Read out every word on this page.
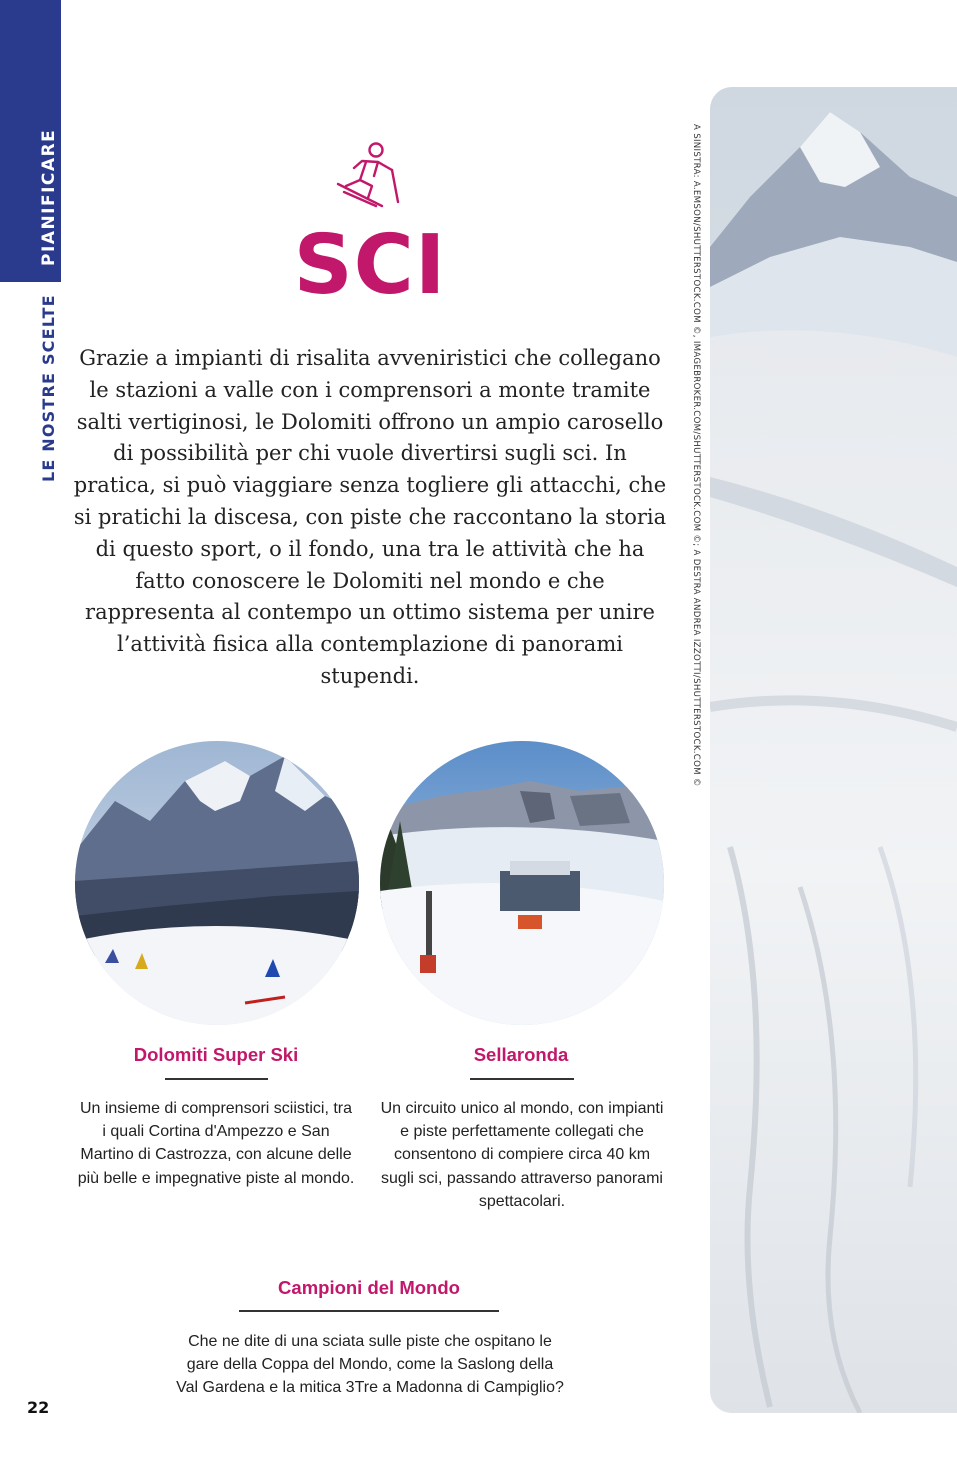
PIANIFICARE
LE NOSTRE SCELTE
SCI

Grazie a impianti di risalita avveniristici che collegano le stazioni a valle con i comprensori a monte tramite salti vertiginosi, le Dolomiti offrono un ampio carosello di possibilità per chi vuole divertirsi sugli sci. In pratica, si può viaggiare senza togliere gli attacchi, che si pratichi la discesa, con piste che raccontano la storia di questo sport, o il fondo, una tra le attività che ha fatto conoscere le Dolomiti nel mondo e che rappresenta al contempo un ottimo sistema per unire l’attività fisica alla contemplazione di panorami stupendi.

Dolomiti Super Ski

Un insieme di comprensori sciistici, tra i quali Cortina d'Ampezzo e San Martino di Castrozza, con alcune delle più belle e impegnative piste al mondo.

Sellaronda

Un circuito unico al mondo, con impianti e piste perfettamente collegati che consentono di compiere circa 40 km sugli sci, passando attraverso panorami spettacolari.

Campioni del Mondo

Che ne dite di una sciata sulle piste che ospitano le gare della Coppa del Mondo, come la Saslong della Val Gardena e la mitica 3Tre a Madonna di Campiglio?

22
A SINISTRA: A.EMSON/SHUTTERSTOCK.COM ©, IMAGEBROKER.COM/SHUTTERSTOCK.COM ©; A DESTRA ANDREA IZZOTTI/SHUTTERSTOCK.COM ©
